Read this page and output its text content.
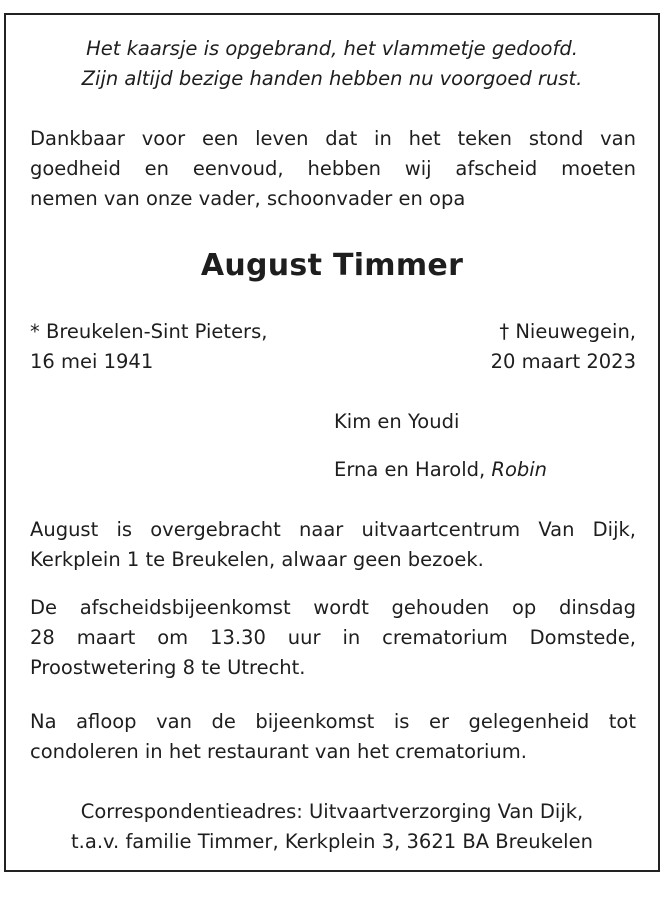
Het kaarsje is opgebrand, het vlammetje gedoofd.
Zijn altijd bezige handen hebben nu voorgoed rust.
Dankbaar voor een leven dat in het teken stond van
goedheid en eenvoud, hebben wij afscheid moeten
nemen van onze vader, schoonvader en opa
August Timmer
* Breukelen-Sint Pieters,
16 mei 1941
† Nieuwegein,
20 maart 2023
Kim en Youdi
Erna en Harold, Robin
August is overgebracht naar uitvaartcentrum Van Dijk,
Kerkplein 1 te Breukelen, alwaar geen bezoek.
De afscheidsbijeenkomst wordt gehouden op dinsdag
28 maart om 13.30 uur in crematorium Domstede,
Proostwetering 8 te Utrecht.
Na afloop van de bijeenkomst is er gelegenheid tot
condoleren in het restaurant van het crematorium.
Correspondentieadres: Uitvaartverzorging Van Dijk,
t.a.v. familie Timmer, Kerkplein 3, 3621 BA Breukelen
